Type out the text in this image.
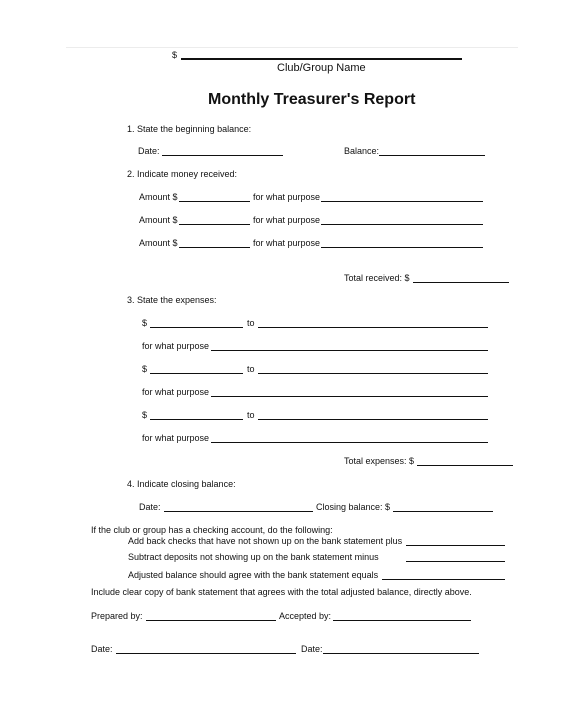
$
Club/Group Name
Monthly Treasurer's Report
1. State the beginning balance:
Date:	Balance:
2. Indicate money received:
Amount $	for what purpose
Amount $	for what purpose
Amount $	for what purpose
Total received: $
3. State the expenses:
$	to
for what purpose
$	to
for what purpose
$	to
for what purpose
Total expenses: $
4. Indicate closing balance:
Date:	Closing balance: $
If the club or group has a checking account, do the following:
Add back checks that have not shown up on the bank statement plus
Subtract deposits not showing up on the bank statement minus
Adjusted balance should agree with the bank statement equals
Include clear copy of bank statement that agrees with the total adjusted balance, directly above.
Prepared by:	Accepted by:
Date:	Date:
